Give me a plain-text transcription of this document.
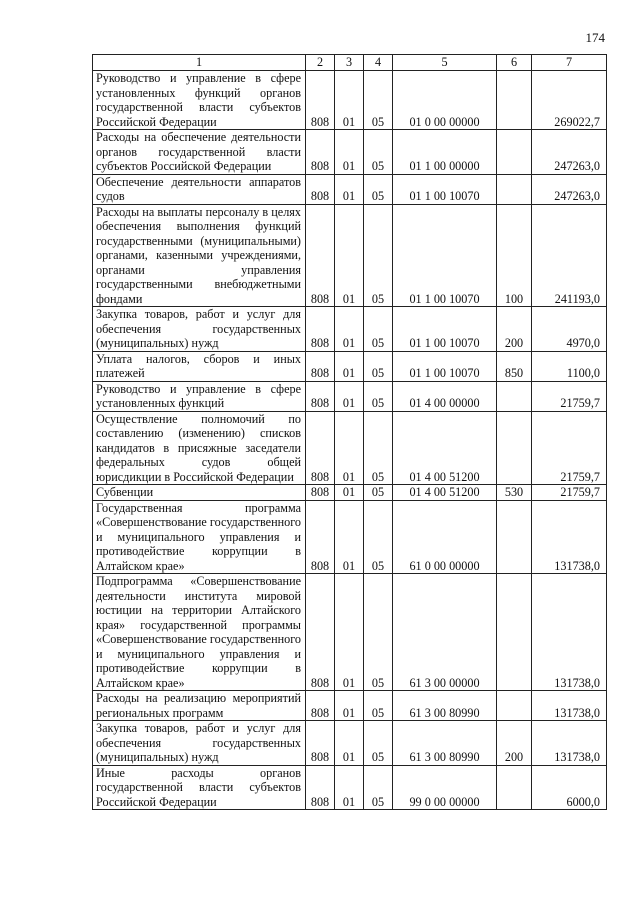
174
1	2	3	4	5	6	7
Руководство и управление в сфере установленных функций органов государственной власти субъектов Российской Федерации	808	01	05	01 0 00 00000		269022,7
Расходы на обеспечение деятельности органов государственной власти субъектов Российской Федерации	808	01	05	01 1 00 00000		247263,0
Обеспечение деятельности аппаратов судов	808	01	05	01 1 00 10070		247263,0
Расходы на выплаты персоналу в целях обеспечения выполнения функций государственными (муниципальными) органами, казенными учреждениями, органами управления государственными внебюджетными фондами	808	01	05	01 1 00 10070	100	241193,0
Закупка товаров, работ и услуг для обеспечения государственных (муниципальных) нужд	808	01	05	01 1 00 10070	200	4970,0
Уплата налогов, сборов и иных платежей	808	01	05	01 1 00 10070	850	1100,0
Руководство и управление в сфере установленных функций	808	01	05	01 4 00 00000		21759,7
Осуществление полномочий по составлению (изменению) списков кандидатов в присяжные заседатели федеральных судов общей юрисдикции в Российской Федерации	808	01	05	01 4 00 51200		21759,7
Субвенции	808	01	05	01 4 00 51200	530	21759,7
Государственная программа «Совершенствование государственного и муниципального управления и противодействие коррупции в Алтайском крае»	808	01	05	61 0 00 00000		131738,0
Подпрограмма «Совершенствование деятельности института мировой юстиции на территории Алтайского края» государственной программы «Совершенствование государственного и муниципального управления и противодействие коррупции в Алтайском крае»	808	01	05	61 3 00 00000		131738,0
Расходы на реализацию мероприятий региональных программ	808	01	05	61 3 00 80990		131738,0
Закупка товаров, работ и услуг для обеспечения государственных (муниципальных) нужд	808	01	05	61 3 00 80990	200	131738,0
Иные расходы органов государственной власти субъектов Российской Федерации	808	01	05	99 0 00 00000		6000,0
